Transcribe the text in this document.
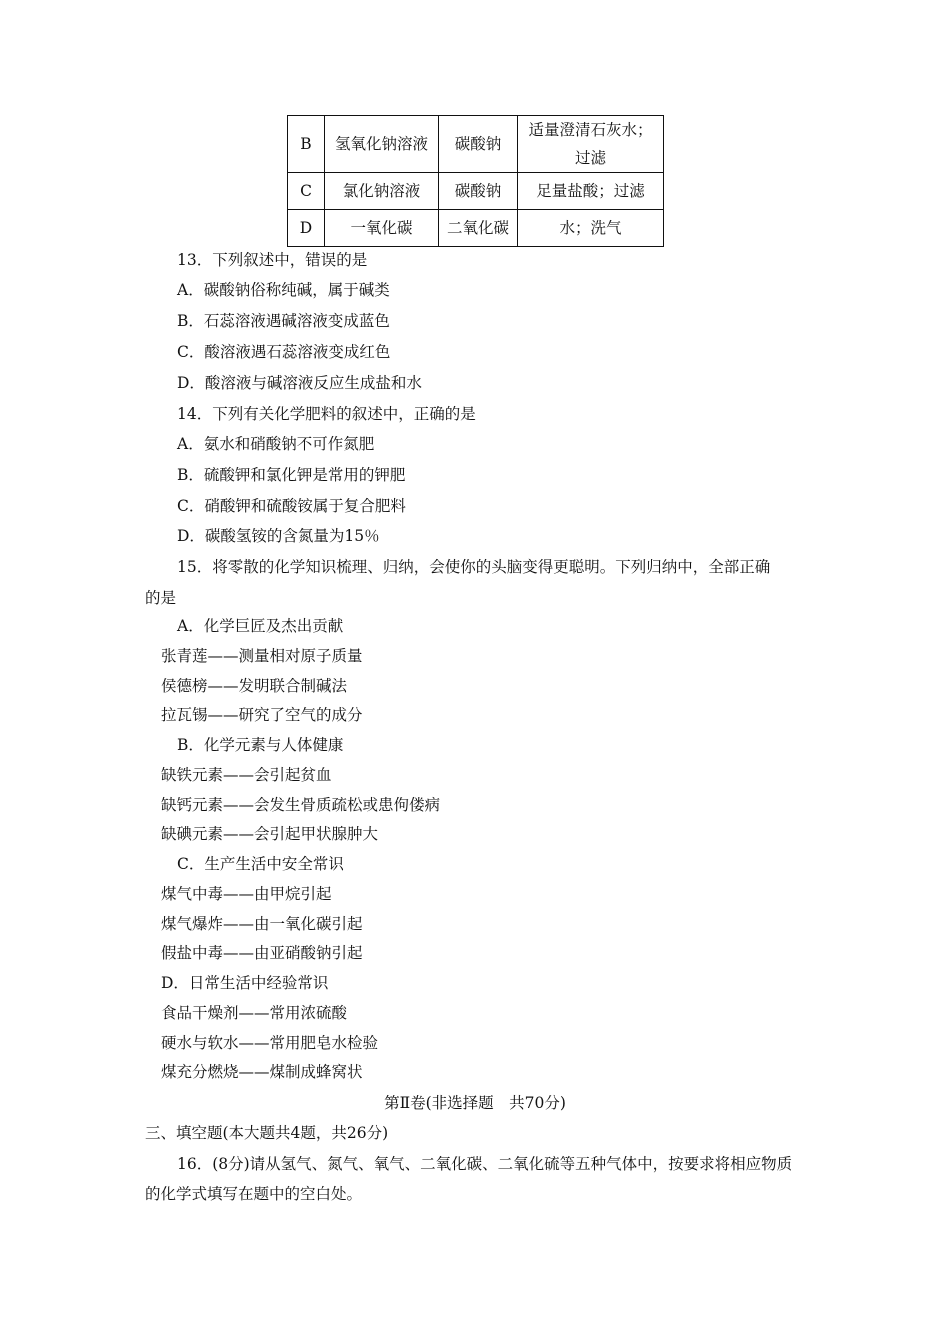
B	氢氧化钠溶液	碳酸钠	适量澄清石灰水；
过滤

C	氯化钠溶液	碳酸钠	足量盐酸；过滤
D	一氧化碳	二氧化碳	水；洗气
13．下列叙述中，错误的是
A．碳酸钠俗称纯碱，属于碱类
B．石蕊溶液遇碱溶液变成蓝色
C．酸溶液遇石蕊溶液变成红色
D．酸溶液与碱溶液反应生成盐和水
14．下列有关化学肥料的叙述中，正确的是
A．氨水和硝酸钠不可作氮肥
B．硫酸钾和氯化钾是常用的钾肥
C．硝酸钾和硫酸铵属于复合肥料
D．碳酸氢铵的含氮量为15％
15．将零散的化学知识梳理、归纳，会使你的头脑变得更聪明。下列归纳中，全部正确
的是
A．化学巨匠及杰出贡献
张青莲——测量相对原子质量
侯德榜——发明联合制碱法
拉瓦锡——研究了空气的成分
B．化学元素与人体健康
缺铁元素——会引起贫血
缺钙元素——会发生骨质疏松或患佝偻病
缺碘元素——会引起甲状腺肿大
C．生产生活中安全常识
煤气中毒——由甲烷引起
煤气爆炸——由一氧化碳引起
假盐中毒——由亚硝酸钠引起
D．日常生活中经验常识
食品干燥剂——常用浓硫酸
硬水与软水——常用肥皂水检验
煤充分燃烧——煤制成蜂窝状
第Ⅱ卷(非选择题　共70分)
三、填空题(本大题共4题，共26分)
16．(8分)请从氢气、氮气、氧气、二氧化碳、二氧化硫等五种气体中，按要求将相应物质
的化学式填写在题中的空白处。
